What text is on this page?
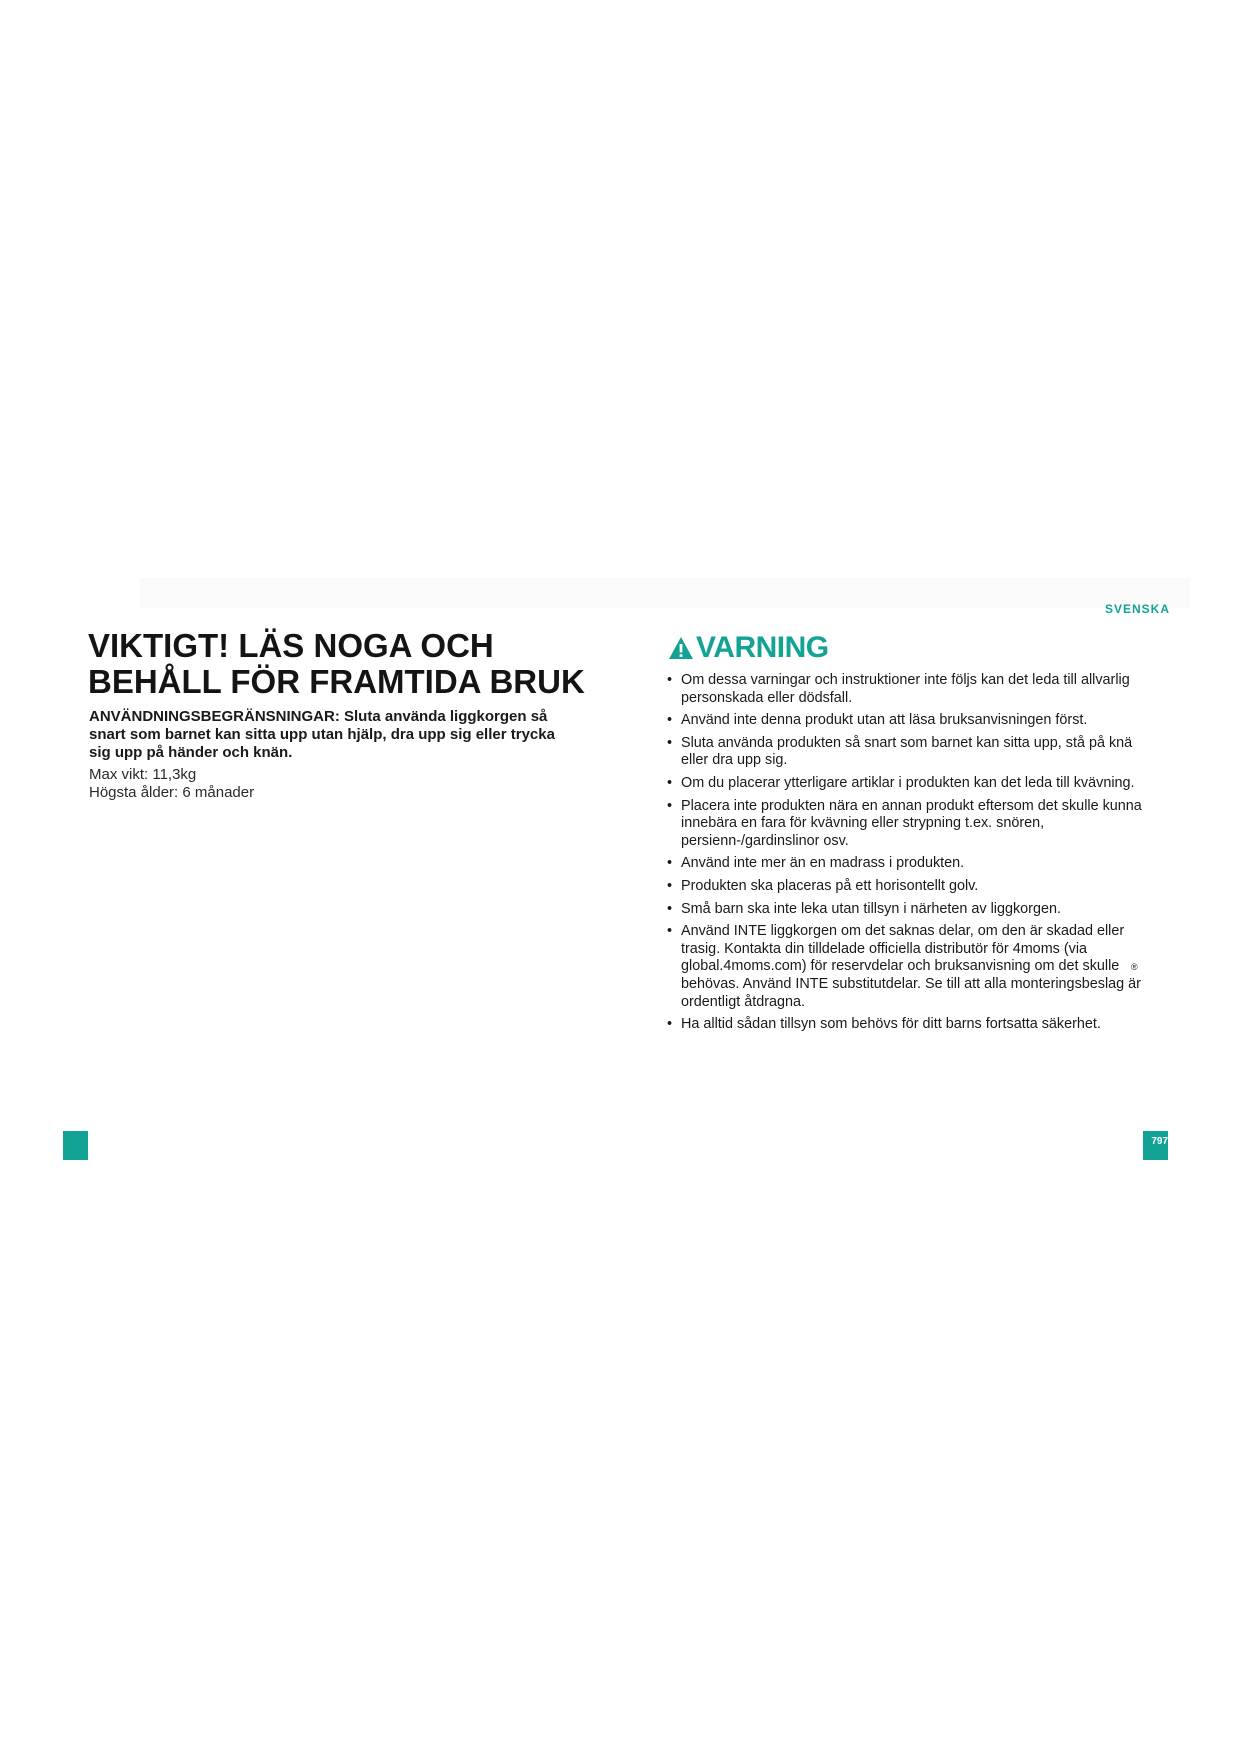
SVENSKA
VIKTIGT! LÄS NOGA OCH
BEHÅLL FÖR FRAMTIDA BRUK

ANVÄNDNINGSBEGRÄNSNINGAR: Sluta använda liggkorgen så snart som barnet kan sitta upp utan hjälp, dra upp sig eller trycka sig upp på händer och knän.

Max vikt: 11,3kg

Högsta ålder: 6 månader

VARNING
• Om dessa varningar och instruktioner inte följs kan det leda till allvarlig personskada eller dödsfall.
• Använd inte denna produkt utan att läsa bruksanvisningen först.
• Sluta använda produkten så snart som barnet kan sitta upp, stå på knä eller dra upp sig.
• Om du placerar ytterligare artiklar i produkten kan det leda till kvävning.
• Placera inte produkten nära en annan produkt eftersom det skulle kunna innebära en fara för kvävning eller strypning t.ex. snören, persienn-/gardinslinor osv.
• Använd inte mer än en madrass i produkten.
• Produkten ska placeras på ett horisontellt golv.
• Små barn ska inte leka utan tillsyn i närheten av liggkorgen.
• Använd INTE liggkorgen om det saknas delar, om den är skadad eller trasig. Kontakta din tilldelade officiella distributör för 4moms (via global.4moms.com) för reservdelar och bruksanvisning om det skulle behövas. Använd INTE substitutdelar. Se till att alla monteringsbeslag är ordentligt åtdragna.
• Ha alltid sådan tillsyn som behövs för ditt barns fortsatta säkerhet.
®
797
